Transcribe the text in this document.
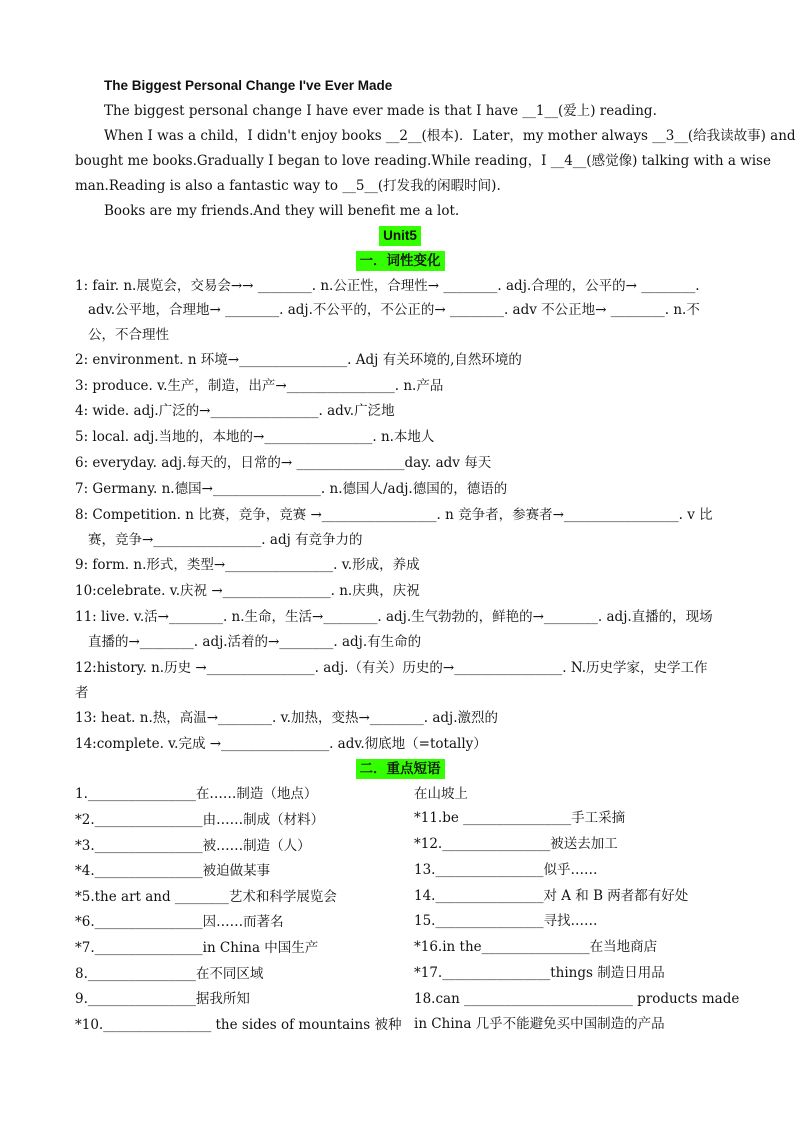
The Biggest Personal Change I've Ever Made
The biggest personal change I have ever made is that I have __1__(爱上) reading.
When I was a child，I didn't enjoy books __2__(根本)．Later，my mother always __3__(给我读故事) and
bought me books.Gradually I began to love reading.While reading，I __4__(感觉像) talking with a wise
man.Reading is also a fantastic way to __5__(打发我的闲暇时间).
Books are my friends.And they will benefit me a lot.
Unit5
一．词性变化
1: fair. n.展览会，交易会→→ ________. n.公正性，合理性→ ________. adj.合理的，公平的→ ________.
adv.公平地，合理地→ ________. adj.不公平的，不公正的→ ________. adv 不公正地→ ________. n.不
公，不合理性
2: environment. n 环境→________________. Adj 有关环境的,自然环境的
3: produce. v.生产，制造，出产→________________. n.产品
4: wide. adj.广泛的→________________. adv.广泛地
5: local. adj.当地的，本地的→________________. n.本地人
6: everyday. adj.每天的，日常的→ ________________day. adv 每天
7: Germany. n.德国→________________. n.德国人/adj.德国的，德语的
8: Competition. n 比赛，竞争，竞赛 →_________________. n 竞争者，参赛者→_________________. v 比
赛，竞争→________________. adj 有竞争力的
9: form. n.形式，类型→________________. v.形成，养成
10:celebrate. v.庆祝 →________________. n.庆典，庆祝
11: live. v.活→________. n.生命，生活→________. adj.生气勃勃的，鲜艳的→________. adj.直播的，现场
直播的→________. adj.活着的→________. adj.有生命的
12:history. n.历史 →________________. adj.（有关）历史的→________________. N.历史学家，史学工作
者
13: heat. n.热，高温→________. v.加热，变热→________. adj.激烈的
14:complete. v.完成 →________________. adv.彻底地（=totally）
二．重点短语
1.________________在……制造（地点）
*2.________________由……制成（材料）
*3.________________被……制造（人）
*4.________________被迫做某事
*5.the art and ________艺术和科学展览会
*6.________________因……而著名
*7.________________in China 中国生产
8.________________在不同区域
9.________________据我所知
*10.________________ the sides of mountains 被种
在山坡上
*11.be ________________手工采摘
*12.________________被送去加工
13.________________似乎……
14.________________对 A 和 B 两者都有好处
15.________________寻找……
*16.in the________________在当地商店
*17.________________things 制造日用品
18.can _________________________ products made
in China 几乎不能避免买中国制造的产品
